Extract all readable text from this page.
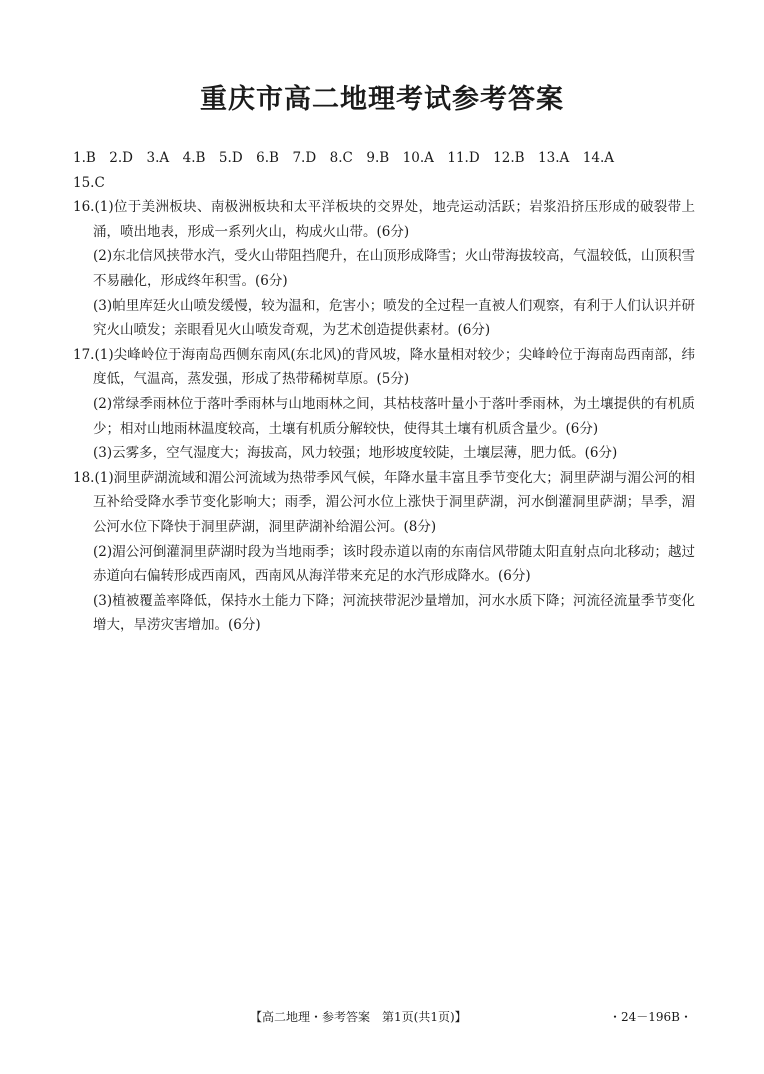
重庆市高二地理考试参考答案

1.B　2.D　3.A　4.B　5.D　6.B　7.D　8.C　9.B　10.A　11.D　12.B　13.A　14.A

15.C

16.(1)位于美洲板块、南极洲板块和太平洋板块的交界处，地壳运动活跃；岩浆沿挤压形成的破裂带上涌，喷出地表，形成一系列火山，构成火山带。(6分)

(2)东北信风挟带水汽，受火山带阻挡爬升，在山顶形成降雪；火山带海拔较高，气温较低，山顶积雪不易融化，形成终年积雪。(6分)

(3)帕里库廷火山喷发缓慢，较为温和，危害小；喷发的全过程一直被人们观察，有利于人们认识并研究火山喷发；亲眼看见火山喷发奇观，为艺术创造提供素材。(6分)

17.(1)尖峰岭位于海南岛西侧东南风(东北风)的背风坡，降水量相对较少；尖峰岭位于海南岛西南部，纬度低，气温高，蒸发强，形成了热带稀树草原。(5分)

(2)常绿季雨林位于落叶季雨林与山地雨林之间，其枯枝落叶量小于落叶季雨林，为土壤提供的有机质少；相对山地雨林温度较高，土壤有机质分解较快，使得其土壤有机质含量少。(6分)

(3)云雾多，空气湿度大；海拔高，风力较强；地形坡度较陡，土壤层薄，肥力低。(6分)

18.(1)洞里萨湖流域和湄公河流域为热带季风气候，年降水量丰富且季节变化大；洞里萨湖与湄公河的相互补给受降水季节变化影响大；雨季，湄公河水位上涨快于洞里萨湖，河水倒灌洞里萨湖；旱季，湄公河水位下降快于洞里萨湖，洞里萨湖补给湄公河。(8分)

(2)湄公河倒灌洞里萨湖时段为当地雨季；该时段赤道以南的东南信风带随太阳直射点向北移动；越过赤道向右偏转形成西南风，西南风从海洋带来充足的水汽形成降水。(6分)

(3)植被覆盖率降低，保持水土能力下降；河流挟带泥沙量增加，河水水质下降；河流径流量季节变化增大，旱涝灾害增加。(6分)

【高二地理・参考答案　第1页(共1页)】	・24－196B・
